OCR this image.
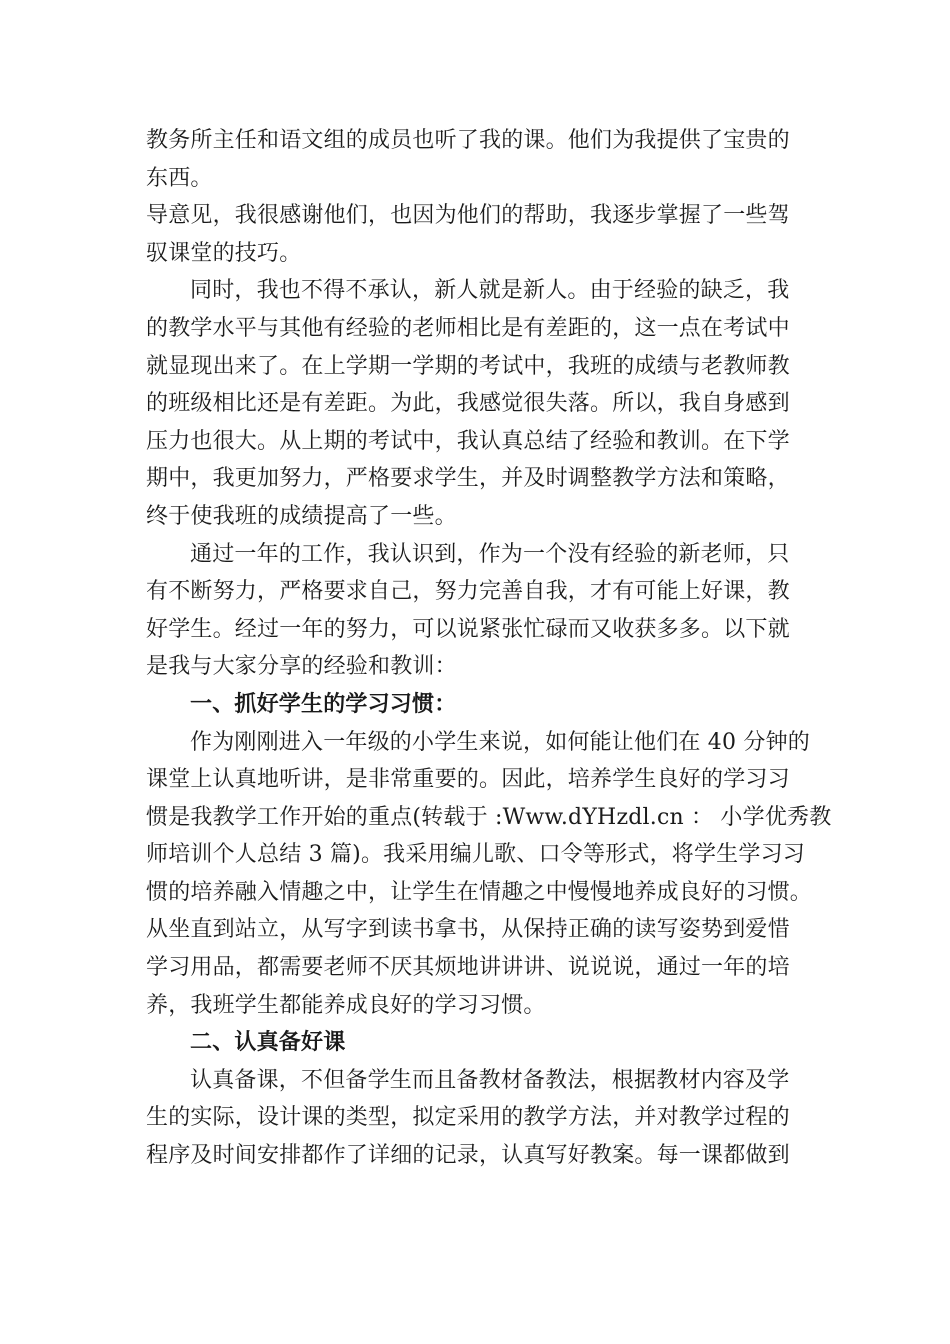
教务所主任和语文组的成员也听了我的课。他们为我提供了宝贵的
东西。
导意见，我很感谢他们，也因为他们的帮助，我逐步掌握了一些驾
驭课堂的技巧。
同时，我也不得不承认，新人就是新人。由于经验的缺乏，我
的教学水平与其他有经验的老师相比是有差距的，这一点在考试中
就显现出来了。在上学期一学期的考试中，我班的成绩与老教师教
的班级相比还是有差距。为此，我感觉很失落。所以，我自身感到
压力也很大。从上期的考试中，我认真总结了经验和教训。在下学
期中，我更加努力，严格要求学生，并及时调整教学方法和策略，
终于使我班的成绩提高了一些。
通过一年的工作，我认识到，作为一个没有经验的新老师，只
有不断努力，严格要求自己，努力完善自我，才有可能上好课，教
好学生。经过一年的努力，可以说紧张忙碌而又收获多多。以下就
是我与大家分享的经验和教训：
一、抓好学生的学习习惯：
作为刚刚进入一年级的小学生来说，如何能让他们在 40 分钟的
课堂上认真地听讲，是非常重要的。因此，培养学生良好的学习习
惯是我教学工作开始的重点(转载于 :Www.dYHzdl.cn ： 小学优秀教
师培训个人总结 3 篇)。我采用编儿歌、口令等形式，将学生学习习
惯的培养融入情趣之中，让学生在情趣之中慢慢地养成良好的习惯。
从坐直到站立，从写字到读书拿书，从保持正确的读写姿势到爱惜
学习用品，都需要老师不厌其烦地讲讲讲、说说说，通过一年的培
养，我班学生都能养成良好的学习习惯。
二、认真备好课
认真备课，不但备学生而且备教材备教法，根据教材内容及学
生的实际，设计课的类型，拟定采用的教学方法，并对教学过程的
程序及时间安排都作了详细的记录，认真写好教案。每一课都做到
